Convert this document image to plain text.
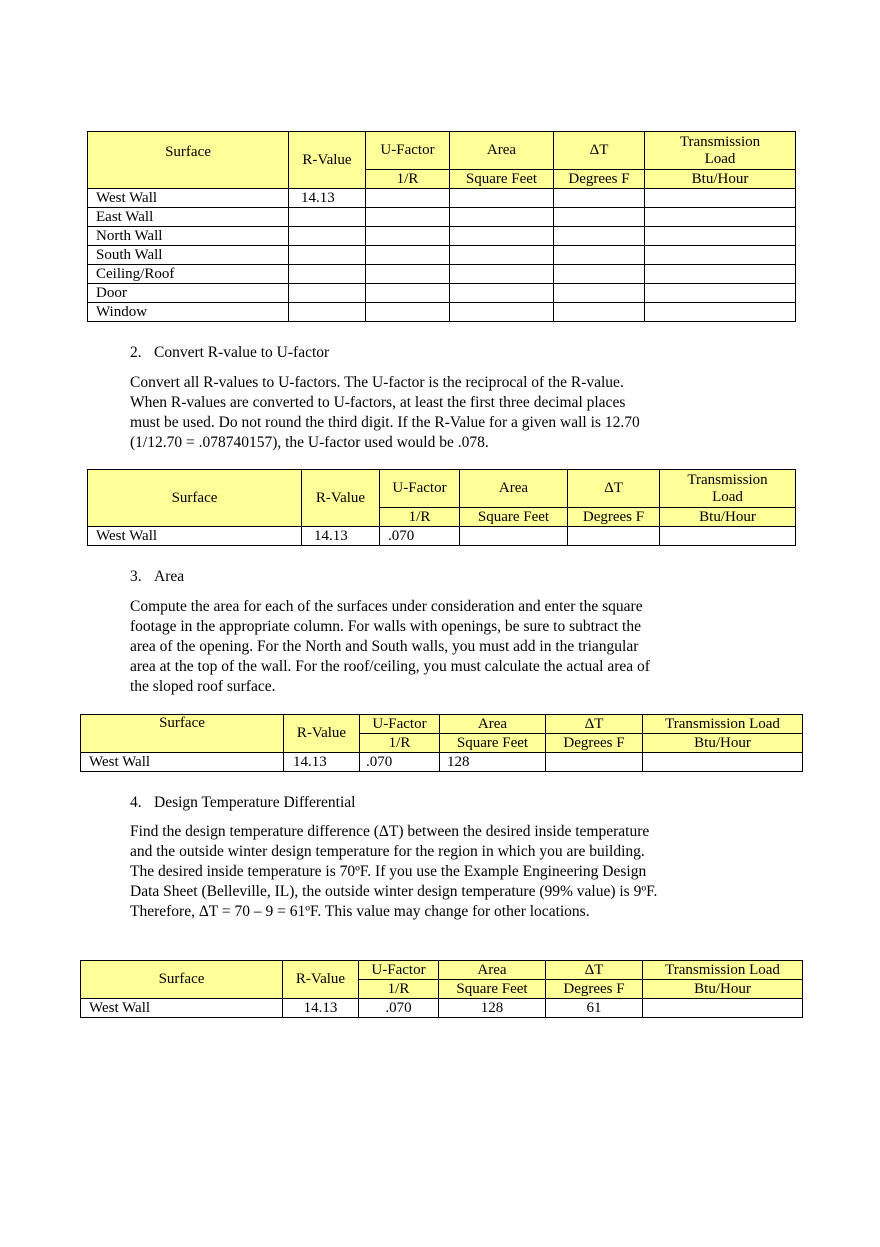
Surface	R-Value	U-Factor	Area	ΔT	Transmission
Load
		1/R	Square Feet	Degrees F	Btu/Hour
West Wall	14.13				
East Wall					
North Wall					
South Wall					
Ceiling/Roof					
Door					
Window					
2. Convert R-value to U-factor
Convert all R-values to U-factors. The U-factor is the reciprocal of the R-value.
When R-values are converted to U-factors, at least the first three decimal places
must be used. Do not round the third digit. If the R-Value for a given wall is 12.70
(1/12.70 = .078740157), the U-factor used would be .078.
Surface	R-Value	U-Factor	Area	ΔT	Transmission
Load
		1/R	Square Feet	Degrees F	Btu/Hour
West Wall	14.13	.070			
3. Area
Compute the area for each of the surfaces under consideration and enter the square
footage in the appropriate column. For walls with openings, be sure to subtract the
area of the opening. For the North and South walls, you must add in the triangular
area at the top of the wall. For the roof/ceiling, you must calculate the actual area of
the sloped roof surface.
Surface	R-Value	U-Factor	Area	ΔT	Transmission Load
		1/R	Square Feet	Degrees F	Btu/Hour
West Wall	14.13	.070	128		
4. Design Temperature Differential
Find the design temperature difference (ΔT) between the desired inside temperature
and the outside winter design temperature for the region in which you are building.
The desired inside temperature is 70ºF. If you use the Example Engineering Design
Data Sheet (Belleville, IL), the outside winter design temperature (99% value) is 9ºF.
Therefore, ΔT = 70 – 9 = 61ºF. This value may change for other locations.
Surface	R-Value	U-Factor	Area	ΔT	Transmission Load
		1/R	Square Feet	Degrees F	Btu/Hour
West Wall	14.13	.070	128	61	
